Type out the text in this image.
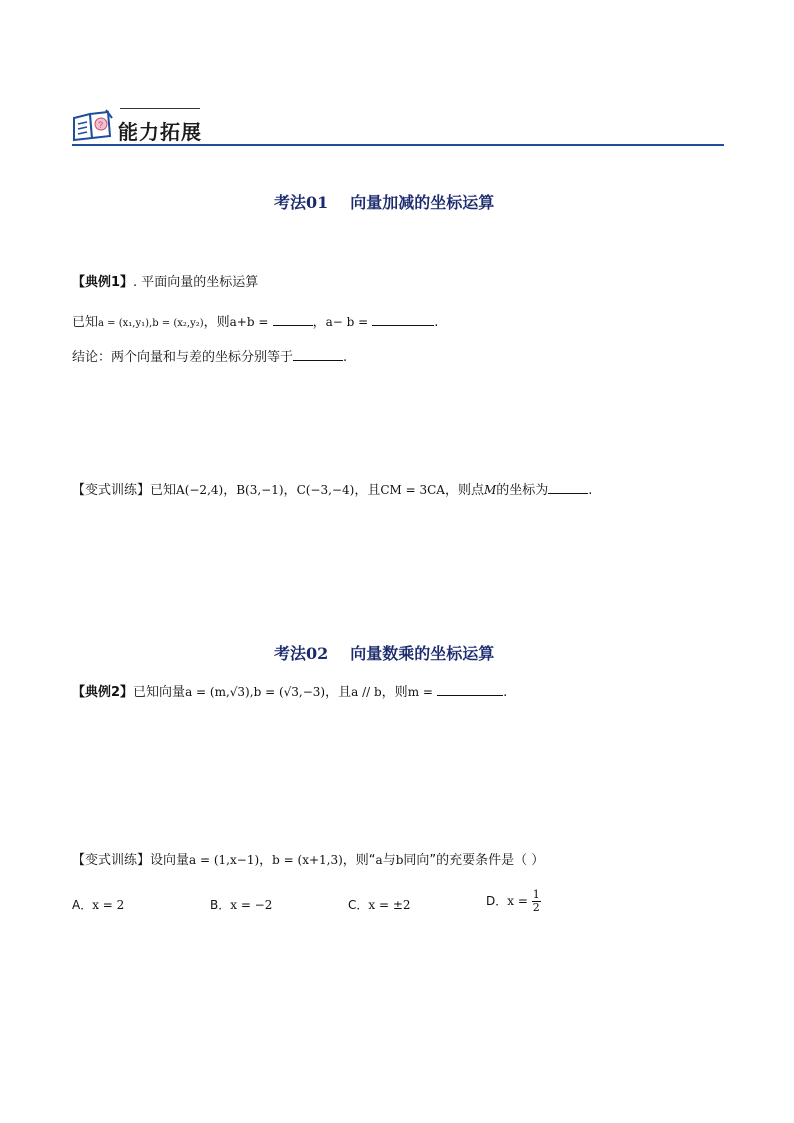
? 能力拓展
考法01 向量加减的坐标运算
【典例1】. 平面向量的坐标运算
已知a = (x₁,y₁),b = (x₂,y₂)，则a+b =	，a− b =	.
结论：两个向量和与差的坐标分别等于	.
【变式训练】已知A(−2,4)，B(3,−1)，C(−3,−4)，且CM = 3CA，则点M的坐标为	.
考法02 向量数乘的坐标运算
【典例2】已知向量a = (m,√3),b = (√3,−3)，且a // b，则m =	.
【变式训练】设向量a = (1,x−1)，b = (x+1,3)，则“a与b同向”的充要条件是（ ）
A．x = 2	B．x = −2	C．x = ±2	D．$x = \frac{1}{2}$
